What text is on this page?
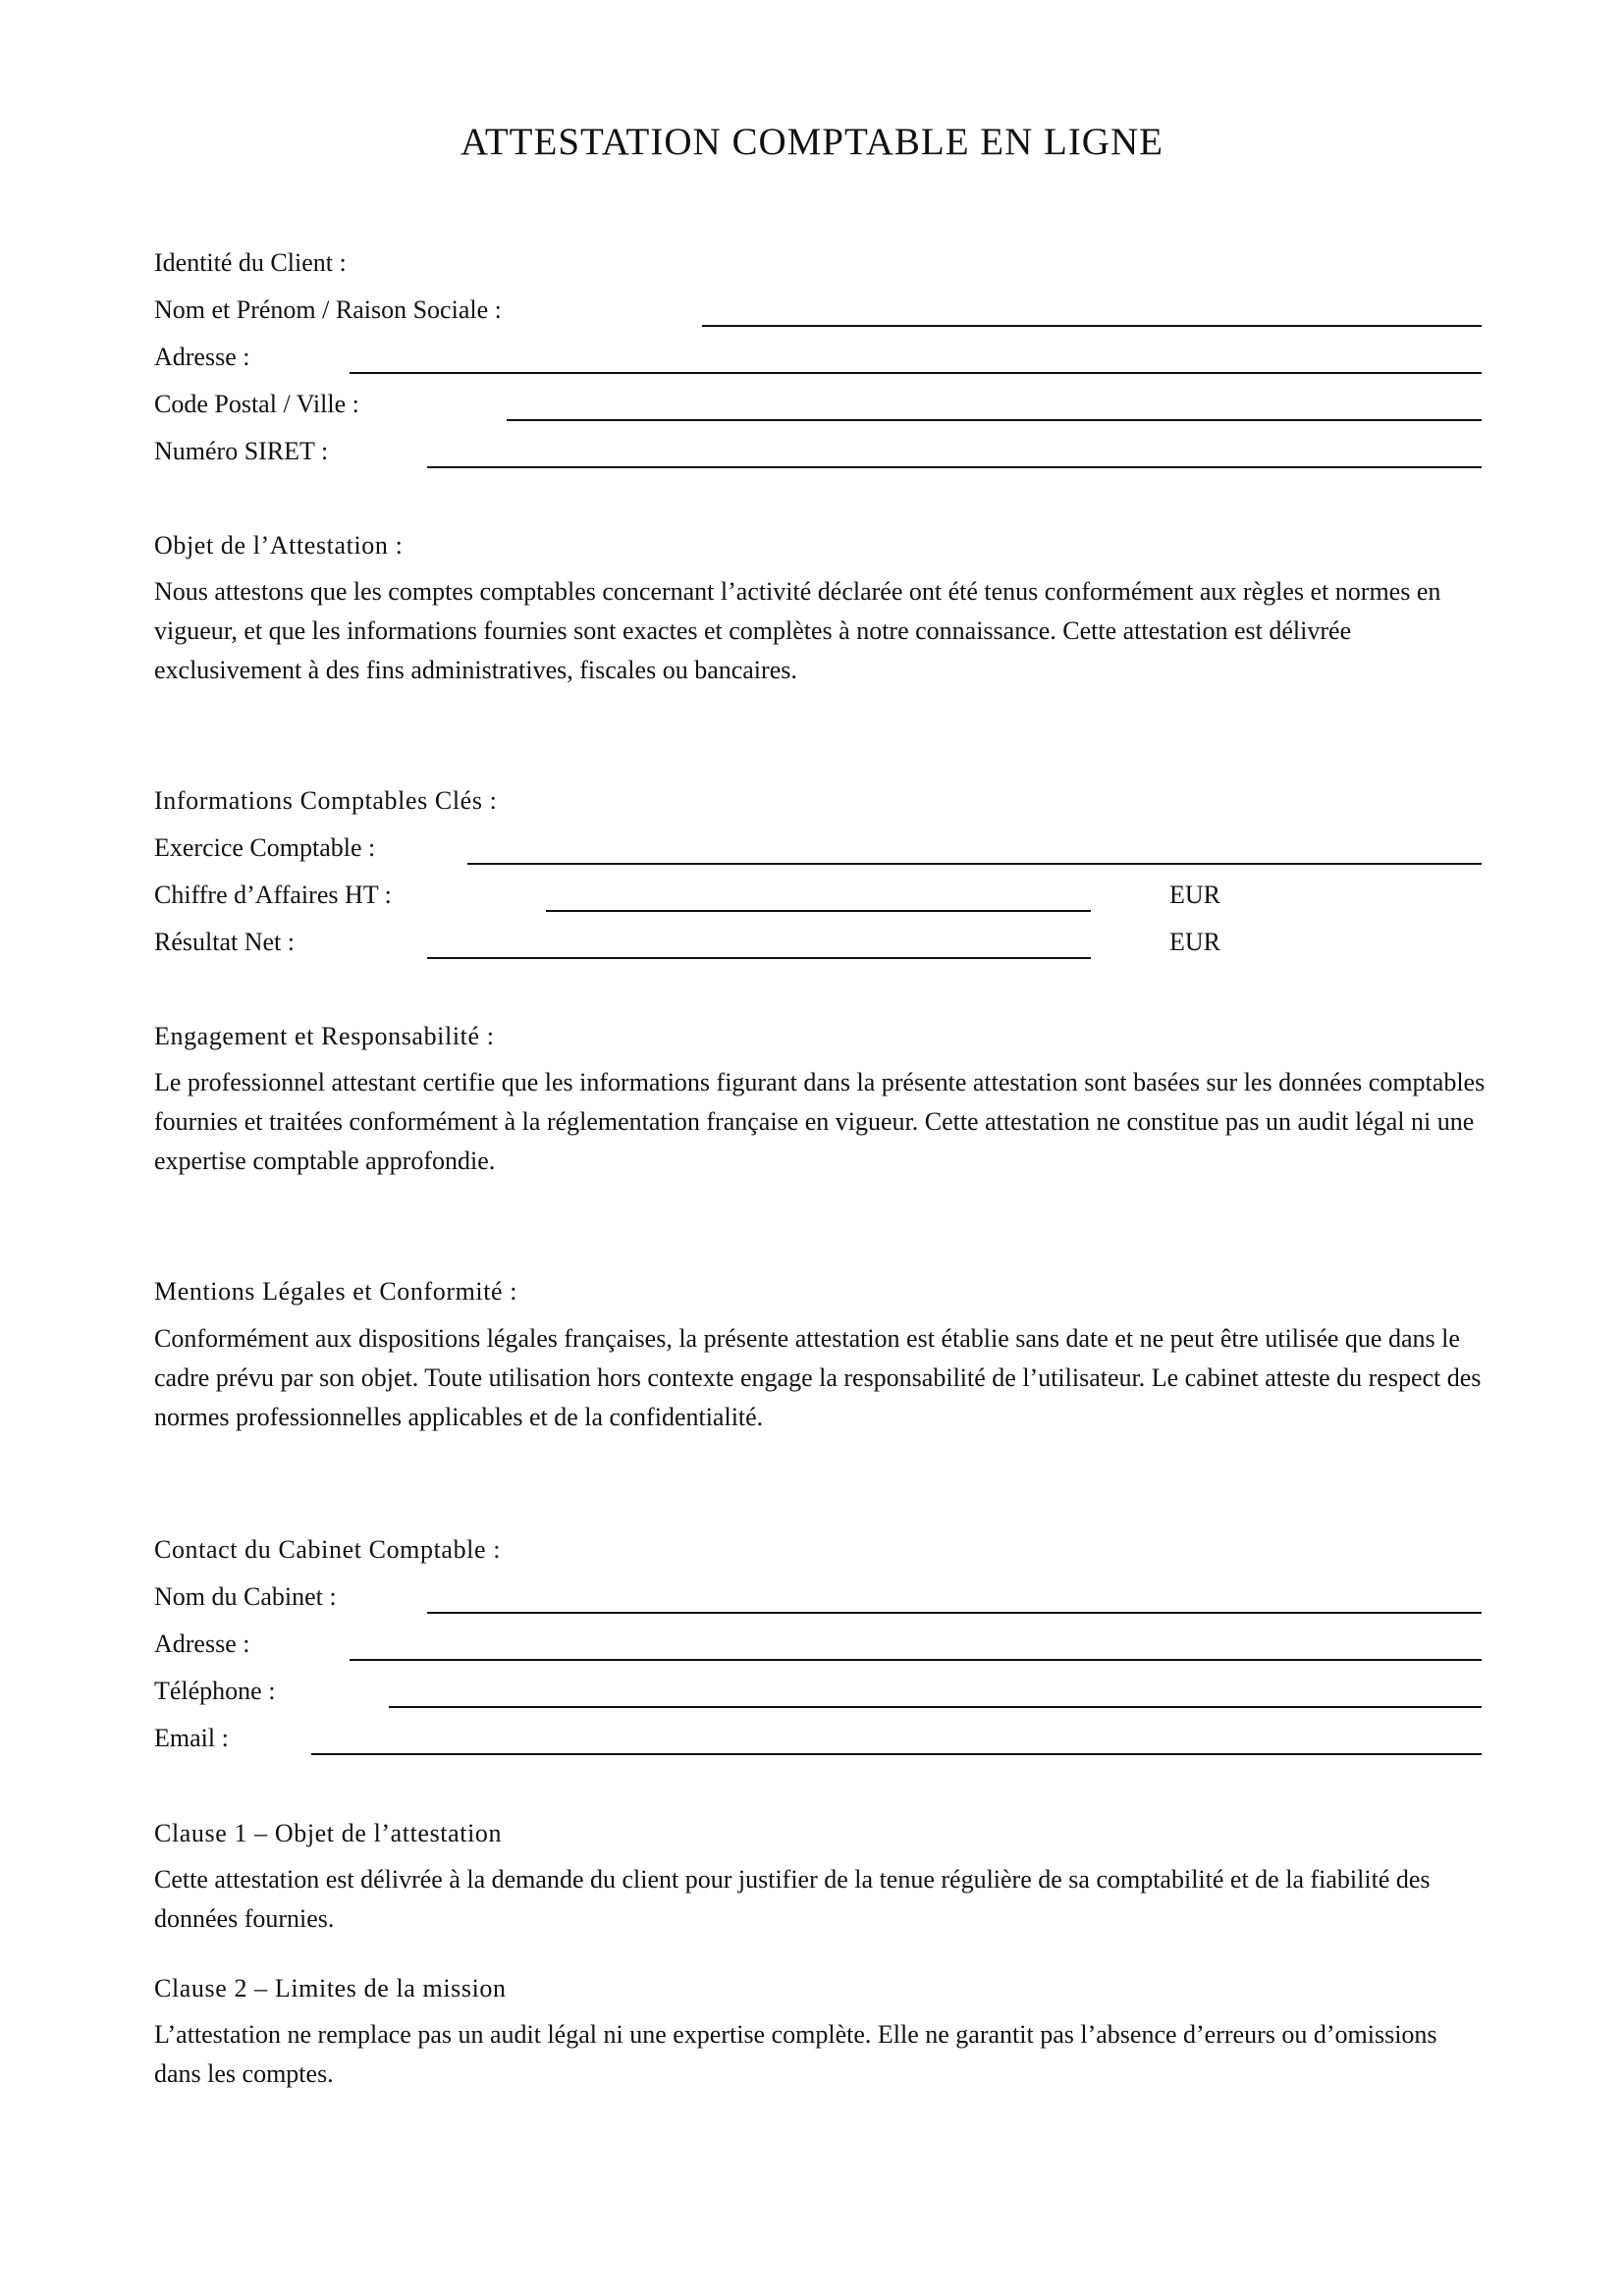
ATTESTATION COMPTABLE EN LIGNE
Identité du Client :
Nom et Prénom / Raison Sociale :
Adresse :
Code Postal / Ville :
Numéro SIRET :
Objet de l’Attestation :
Nous attestons que les comptes comptables concernant l’activité déclarée ont été tenus conformément aux règles et normes en vigueur, et que les informations fournies sont exactes et complètes à notre connaissance. Cette attestation est délivrée exclusivement à des fins administratives, fiscales ou bancaires.
Informations Comptables Clés :
Exercice Comptable :
Chiffre d’Affaires HT :	EUR
Résultat Net :	EUR
Engagement et Responsabilité :
Le professionnel attestant certifie que les informations figurant dans la présente attestation sont basées sur les données comptables fournies et traitées conformément à la réglementation française en vigueur. Cette attestation ne constitue pas un audit légal ni une expertise comptable approfondie.
Mentions Légales et Conformité :
Conformément aux dispositions légales françaises, la présente attestation est établie sans date et ne peut être utilisée que dans le cadre prévu par son objet. Toute utilisation hors contexte engage la responsabilité de l’utilisateur. Le cabinet atteste du respect des normes professionnelles applicables et de la confidentialité.
Contact du Cabinet Comptable :
Nom du Cabinet :
Adresse :
Téléphone :
Email :
Clause 1 – Objet de l’attestation
Cette attestation est délivrée à la demande du client pour justifier de la tenue régulière de sa comptabilité et de la fiabilité des données fournies.
Clause 2 – Limites de la mission
L’attestation ne remplace pas un audit légal ni une expertise complète. Elle ne garantit pas l’absence d’erreurs ou d’omissions dans les comptes.
